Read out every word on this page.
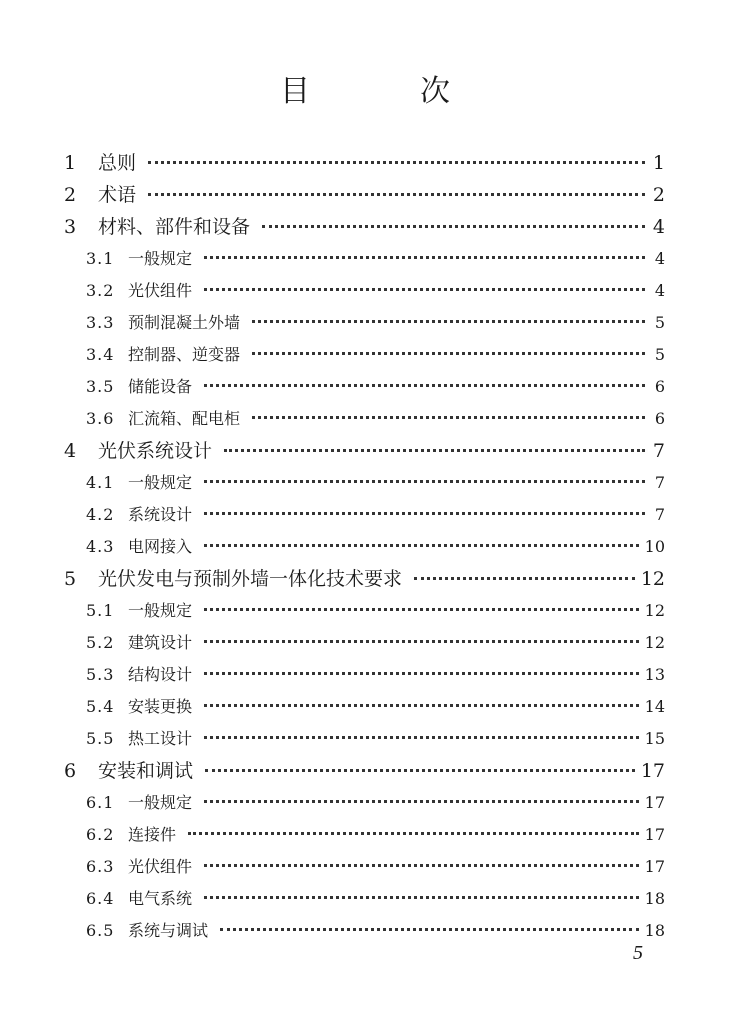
目　次
1	总则	1
2	术语	2
3	材料、部件和设备	4
3.1 一般规定	4
3.2 光伏组件	4
3.3 预制混凝土外墙	5
3.4 控制器、逆变器	5
3.5 储能设备	6
3.6 汇流箱、配电柜	6
4	光伏系统设计	7
4.1 一般规定	7
4.2 系统设计	7
4.3 电网接入	10
5	光伏发电与预制外墙一体化技术要求	12
5.1 一般规定	12
5.2 建筑设计	12
5.3 结构设计	13
5.4 安装更换	14
5.5 热工设计	15
6	安装和调试	17
6.1 一般规定	17
6.2 连接件	17
6.3 光伏组件	17
6.4 电气系统	18
6.5 系统与调试	18
5
